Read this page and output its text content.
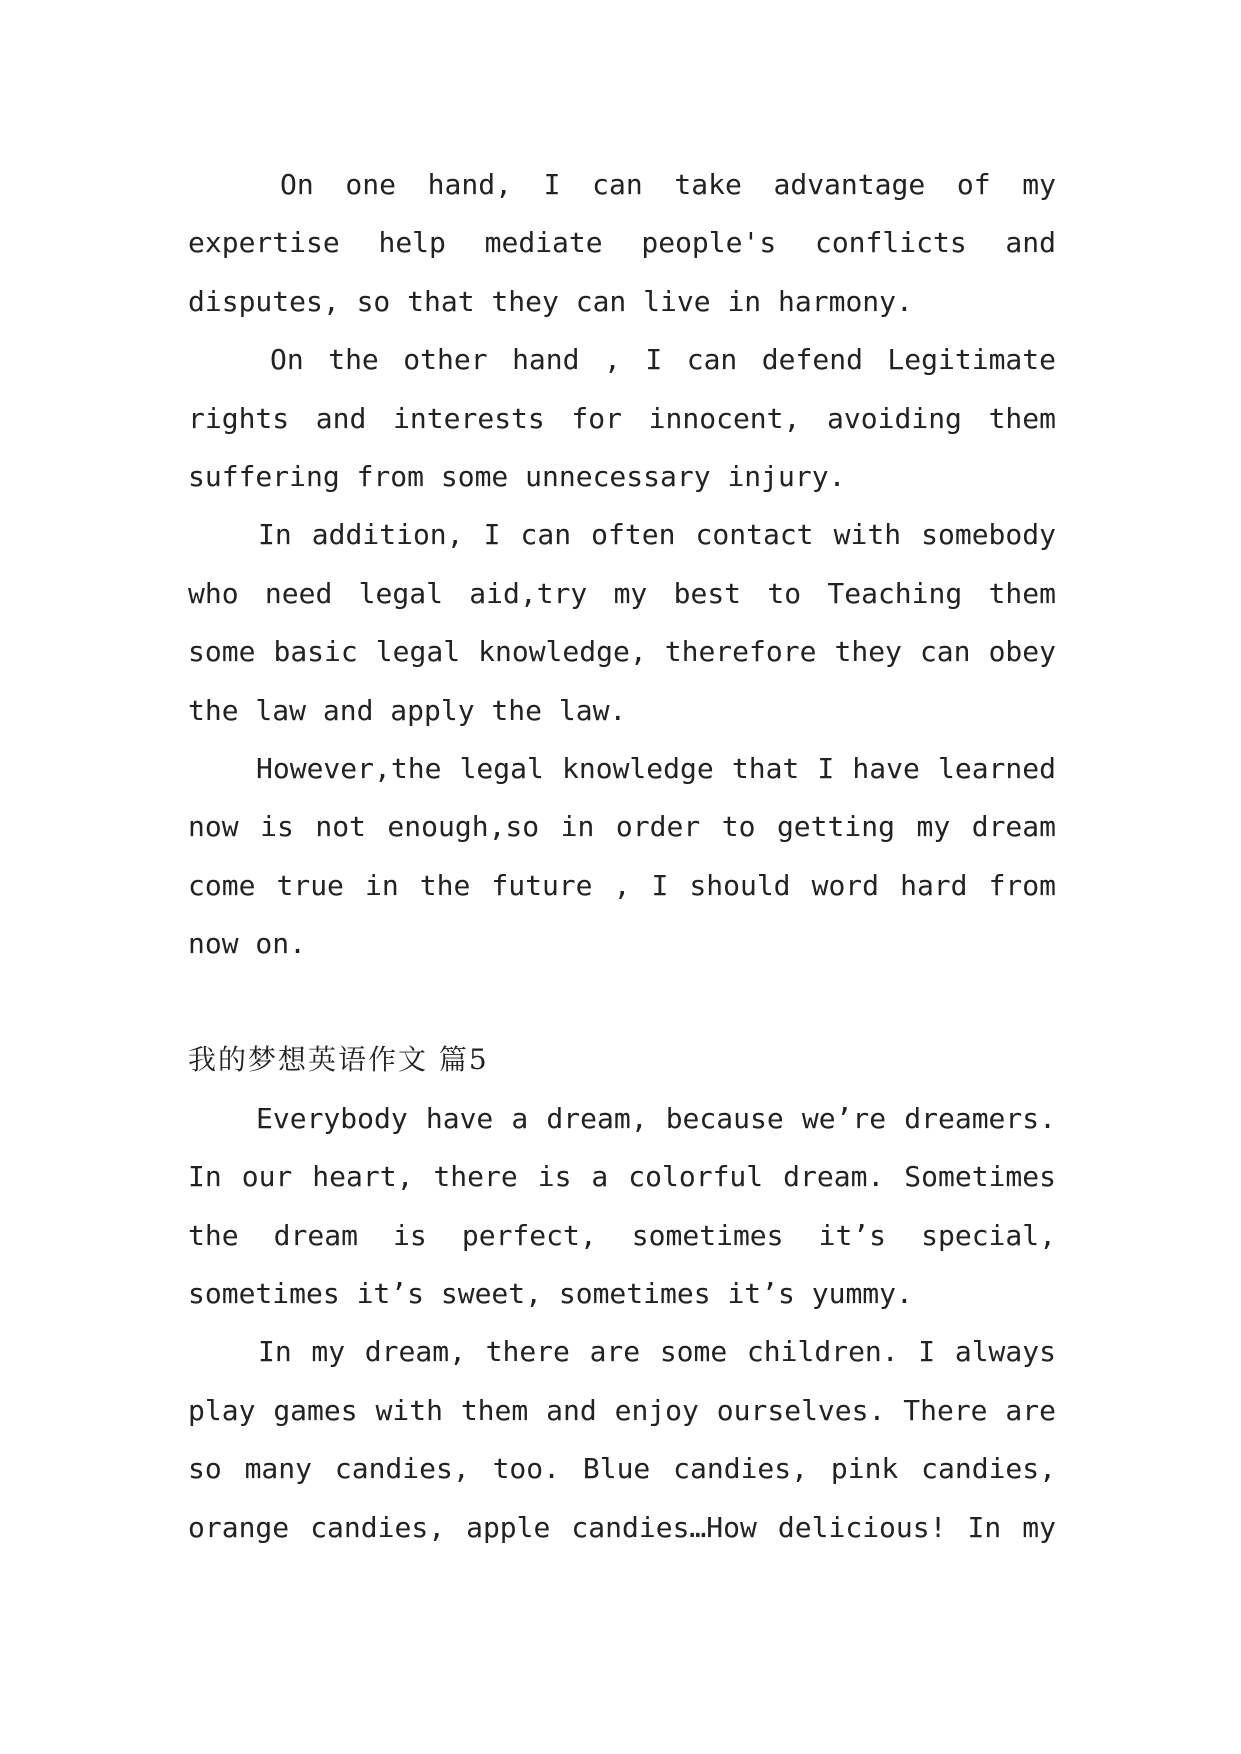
On one hand, I can take advantage of my
expertise help mediate people's conflicts and
disputes, so that they can live in harmony.
On the other hand , I can defend Legitimate
rights and interests for innocent, avoiding them
suffering from some unnecessary injury.
In addition, I can often contact with somebody
who need legal aid,try my best to Teaching them
some basic legal knowledge, therefore they can obey
the law and apply the law.
However,the legal knowledge that I have learned
now is not enough,so in order to getting my dream
come true in the future , I should word hard from
now on.
我的梦想英语作文 篇5
Everybody have a dream, because we’re dreamers.
In our heart, there is a colorful dream. Sometimes
the dream is perfect, sometimes it’s special,
sometimes it’s sweet, sometimes it’s yummy.
In my dream, there are some children. I always
play games with them and enjoy ourselves. There are
so many candies, too. Blue candies, pink candies,
orange candies, apple candies…How delicious! In my
